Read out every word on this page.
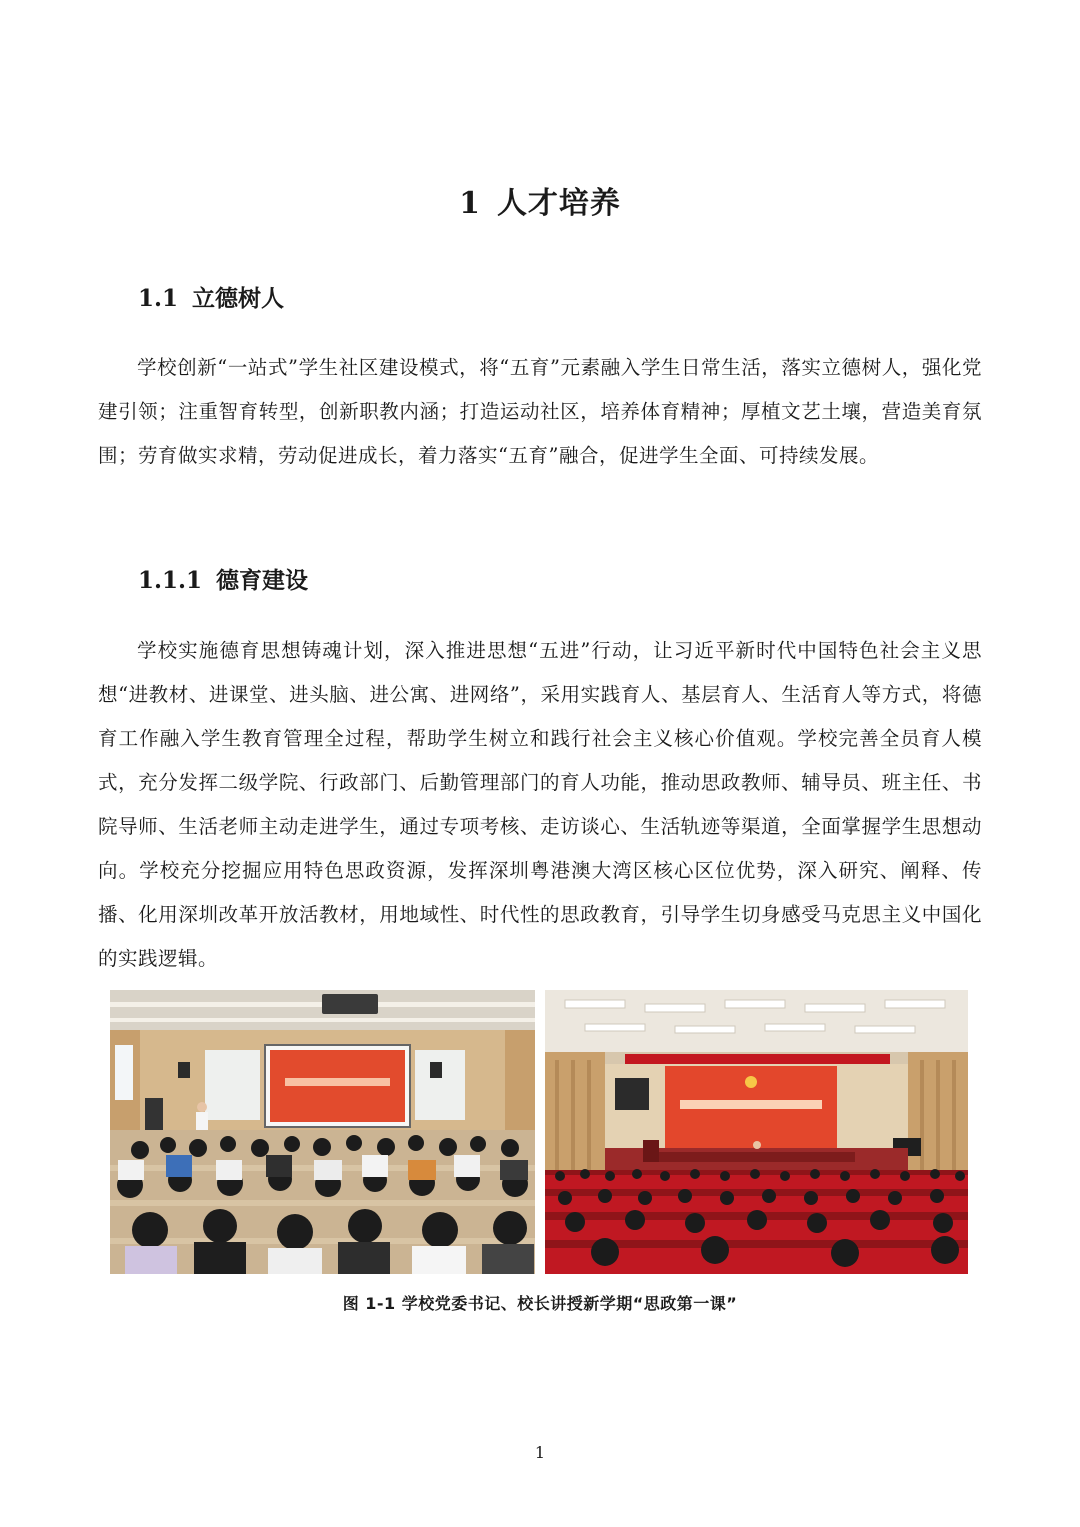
1 人才培养
1.1 立德树人

学校创新“一站式”学生社区建设模式，将“五育”元素融入学生日常生活，落实立德树人，强化党建引领；注重智育转型，创新职教内涵；打造运动社区，培养体育精神；厚植文艺土壤，营造美育氛围；劳育做实求精，劳动促进成长，着力落实“五育”融合，促进学生全面、可持续发展。

1.1.1 德育建设

学校实施德育思想铸魂计划，深入推进思想“五进”行动，让习近平新时代中国特色社会主义思想“进教材、进课堂、进头脑、进公寓、进网络”，采用实践育人、基层育人、生活育人等方式，将德育工作融入学生教育管理全过程，帮助学生树立和践行社会主义核心价值观。学校完善全员育人模式，充分发挥二级学院、行政部门、后勤管理部门的育人功能，推动思政教师、辅导员、班主任、书院导师、生活老师主动走进学生，通过专项考核、走访谈心、生活轨迹等渠道，全面掌握学生思想动向。学校充分挖掘应用特色思政资源，发挥深圳粤港澳大湾区核心区位优势，深入研究、阐释、传播、化用深圳改革开放活教材，用地域性、时代性的思政教育，引导学生切身感受马克思主义中国化的实践逻辑。

图 1-1 学校党委书记、校长讲授新学期“思政第一课”
1
